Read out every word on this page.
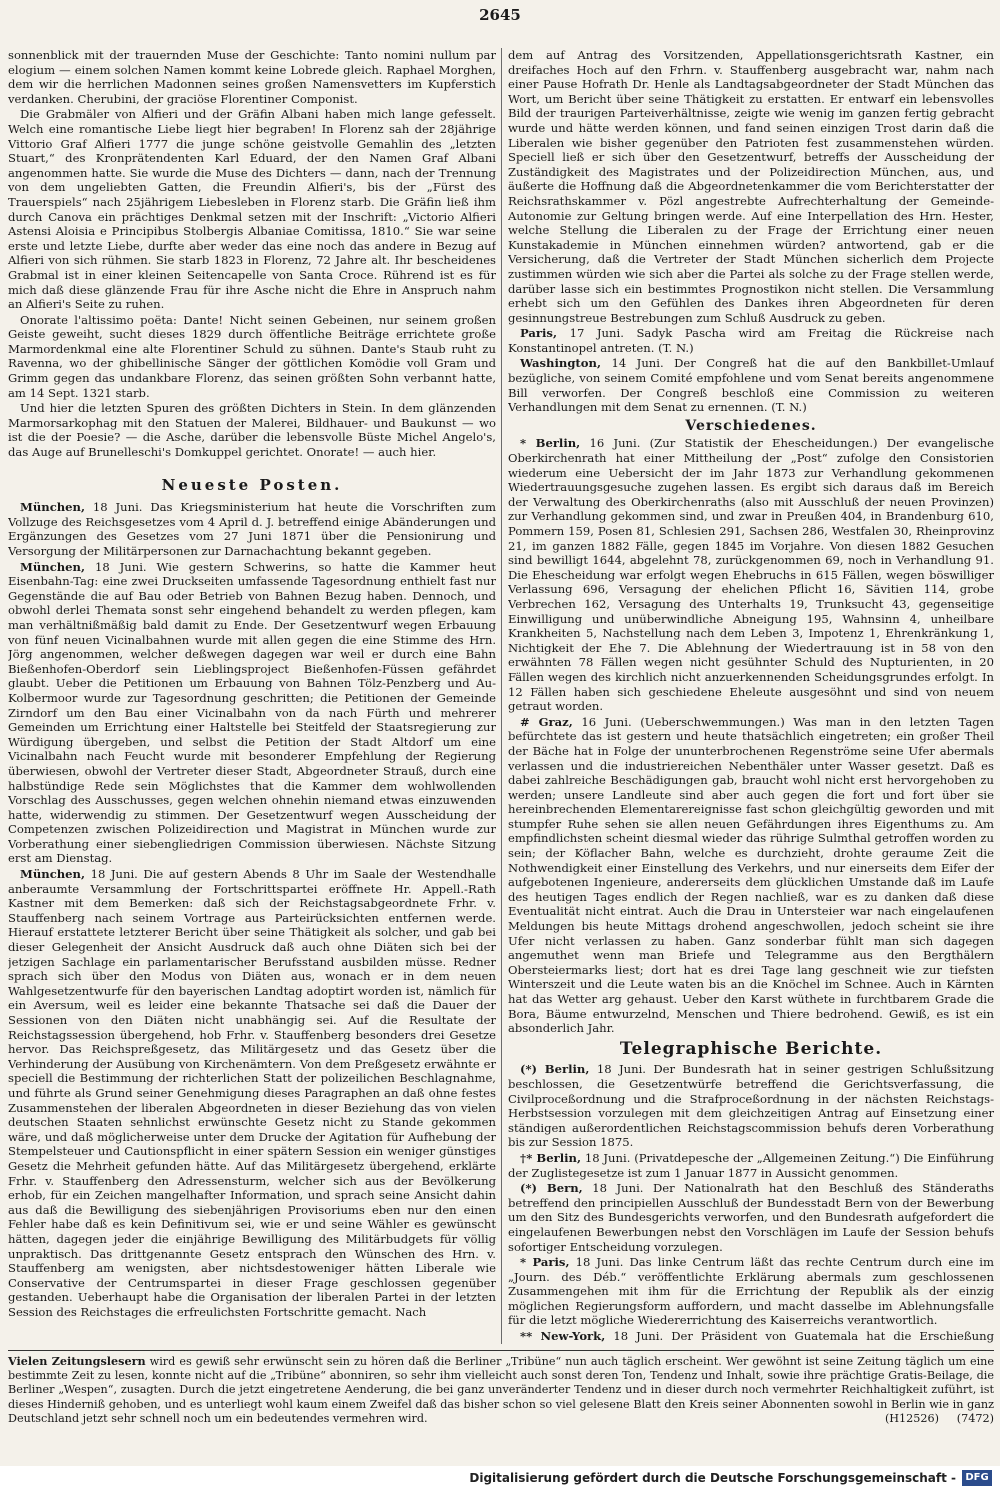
2645

sonnenblick mit der trauernden Muse der Geschichte: Tanto nomini nullum par elogium — einem solchen Namen kommt keine Lobrede gleich. Raphael Morghen, dem wir die herrlichen Madonnen seines großen Namensvetters im Kupferstich verdanken. Cherubini, der graciöse Florentiner Componist.

Die Grabmäler von Alfieri und der Gräfin Albani haben mich lange gefesselt. Welch eine romantische Liebe liegt hier begraben! In Florenz sah der 28jährige Vittorio Graf Alfieri 1777 die junge schöne geistvolle Gemahlin des „letzten Stuart,“ des Kronprätendenten Karl Eduard, der den Namen Graf Albani angenommen hatte. Sie wurde die Muse des Dichters — dann, nach der Trennung von dem ungeliebten Gatten, die Freundin Alfieri's, bis der „Fürst des Trauerspiels“ nach 25jährigem Liebesleben in Florenz starb. Die Gräfin ließ ihm durch Canova ein prächtiges Denkmal setzen mit der Inschrift: „Victorio Alfieri Astensi Aloisia e Principibus Stolbergis Albaniae Comitissa, 1810.“ Sie war seine erste und letzte Liebe, durfte aber weder das eine noch das andere in Bezug auf Alfieri von sich rühmen. Sie starb 1823 in Florenz, 72 Jahre alt. Ihr bescheidenes Grabmal ist in einer kleinen Seitencapelle von Santa Croce. Rührend ist es für mich daß diese glänzende Frau für ihre Asche nicht die Ehre in Anspruch nahm an Alfieri's Seite zu ruhen.

Onorate l'altissimo poëta: Dante! Nicht seinen Gebeinen, nur seinem großen Geiste geweiht, sucht dieses 1829 durch öffentliche Beiträge errichtete große Marmordenkmal eine alte Florentiner Schuld zu sühnen. Dante's Staub ruht zu Ravenna, wo der ghibellinische Sänger der göttlichen Komödie voll Gram und Grimm gegen das undankbare Florenz, das seinen größten Sohn verbannt hatte, am 14 Sept. 1321 starb.

Und hier die letzten Spuren des größten Dichters in Stein. In dem glänzenden Marmorsarkophag mit den Statuen der Malerei, Bildhauer- und Baukunst — wo ist die der Poesie? — die Asche, darüber die lebensvolle Büste Michel Angelo's, das Auge auf Brunelleschi's Domkuppel gerichtet. Onorate! — auch hier.

Neueste Posten.

München, 18 Juni. Das Kriegsministerium hat heute die Vorschriften zum Vollzuge des Reichsgesetzes vom 4 April d. J. betreffend einige Abänderungen und Ergänzungen des Gesetzes vom 27 Juni 1871 über die Pensionirung und Versorgung der Militärpersonen zur Darnachachtung bekannt gegeben.

München, 18 Juni. Wie gestern Schwerins, so hatte die Kammer heut Eisenbahn-Tag: eine zwei Druckseiten umfassende Tagesordnung enthielt fast nur Gegenstände die auf Bau oder Betrieb von Bahnen Bezug haben. Dennoch, und obwohl derlei Themata sonst sehr eingehend behandelt zu werden pflegen, kam man verhältnißmäßig bald damit zu Ende. Der Gesetzentwurf wegen Erbauung von fünf neuen Vicinalbahnen wurde mit allen gegen die eine Stimme des Hrn. Jörg angenommen, welcher deßwegen dagegen war weil er durch eine Bahn Bießenhofen-Oberdorf sein Lieblingsproject Bießenhofen-Füssen gefährdet glaubt. Ueber die Petitionen um Erbauung von Bahnen Tölz-Penzberg und Au-Kolbermoor wurde zur Tagesordnung geschritten; die Petitionen der Gemeinde Zirndorf um den Bau einer Vicinalbahn von da nach Fürth und mehrerer Gemeinden um Errichtung einer Haltstelle bei Steitfeld der Staatsregierung zur Würdigung übergeben, und selbst die Petition der Stadt Altdorf um eine Vicinalbahn nach Feucht wurde mit besonderer Empfehlung der Regierung überwiesen, obwohl der Vertreter dieser Stadt, Abgeordneter Strauß, durch eine halbstündige Rede sein Möglichstes that die Kammer dem wohlwollenden Vorschlag des Ausschusses, gegen welchen ohnehin niemand etwas einzuwenden hatte, widerwendig zu stimmen. Der Gesetzentwurf wegen Ausscheidung der Competenzen zwischen Polizeidirection und Magistrat in München wurde zur Vorberathung einer siebengliedrigen Commission überwiesen. Nächste Sitzung erst am Dienstag.

München, 18 Juni. Die auf gestern Abends 8 Uhr im Saale der Westendhalle anberaumte Versammlung der Fortschrittspartei eröffnete Hr. Appell.-Rath Kastner mit dem Bemerken: daß sich der Reichstagsabgeordnete Frhr. v. Stauffenberg nach seinem Vortrage aus Parteirücksichten entfernen werde. Hierauf erstattete letzterer Bericht über seine Thätigkeit als solcher, und gab bei dieser Gelegenheit der Ansicht Ausdruck daß auch ohne Diäten sich bei der jetzigen Sachlage ein parlamentarischer Berufsstand ausbilden müsse. Redner sprach sich über den Modus von Diäten aus, wonach er in dem neuen Wahlgesetzentwurfe für den bayerischen Landtag adoptirt worden ist, nämlich für ein Aversum, weil es leider eine bekannte Thatsache sei daß die Dauer der Sessionen von den Diäten nicht unabhängig sei. Auf die Resultate der Reichstagssession übergehend, hob Frhr. v. Stauffenberg besonders drei Gesetze hervor. Das Reichspreßgesetz, das Militärgesetz und das Gesetz über die Verhinderung der Ausübung von Kirchenämtern. Von dem Preßgesetz erwähnte er speciell die Bestimmung der richterlichen Statt der polizeilichen Beschlagnahme, und führte als Grund seiner Genehmigung dieses Paragraphen an daß ohne festes Zusammenstehen der liberalen Abgeordneten in dieser Beziehung das von vielen deutschen Staaten sehnlichst erwünschte Gesetz nicht zu Stande gekommen wäre, und daß möglicherweise unter dem Drucke der Agitation für Aufhebung der Stempelsteuer und Cautionspflicht in einer spätern Session ein weniger günstiges Gesetz die Mehrheit gefunden hätte. Auf das Militärgesetz übergehend, erklärte Frhr. v. Stauffenberg den Adressensturm, welcher sich aus der Bevölkerung erhob, für ein Zeichen mangelhafter Information, und sprach seine Ansicht dahin aus daß die Bewilligung des siebenjährigen Provisoriums eben nur den einen Fehler habe daß es kein Definitivum sei, wie er und seine Wähler es gewünscht hätten, dagegen jeder die einjährige Bewilligung des Militärbudgets für völlig unpraktisch. Das drittgenannte Gesetz entsprach den Wünschen des Hrn. v. Stauffenberg am wenigsten, aber nichtsdestoweniger hätten Liberale wie Conservative der Centrumspartei in dieser Frage geschlossen gegenüber gestanden. Ueberhaupt habe die Organisation der liberalen Partei in der letzten Session des Reichstages die erfreulichsten Fortschritte gemacht. Nach

dem auf Antrag des Vorsitzenden, Appellationsgerichtsrath Kastner, ein dreifaches Hoch auf den Frhrn. v. Stauffenberg ausgebracht war, nahm nach einer Pause Hofrath Dr. Henle als Landtagsabgeordneter der Stadt München das Wort, um Bericht über seine Thätigkeit zu erstatten. Er entwarf ein lebensvolles Bild der traurigen Parteiverhältnisse, zeigte wie wenig im ganzen fertig gebracht wurde und hätte werden können, und fand seinen einzigen Trost darin daß die Liberalen wie bisher gegenüber den Patrioten fest zusammenstehen würden. Speciell ließ er sich über den Gesetzentwurf, betreffs der Ausscheidung der Zuständigkeit des Magistrates und der Polizeidirection München, aus, und äußerte die Hoffnung daß die Abgeordnetenkammer die vom Berichterstatter der Reichsrathskammer v. Pözl angestrebte Aufrechterhaltung der Gemeinde-Autonomie zur Geltung bringen werde. Auf eine Interpellation des Hrn. Hester, welche Stellung die Liberalen zu der Frage der Errichtung einer neuen Kunstakademie in München einnehmen würden? antwortend, gab er die Versicherung, daß die Vertreter der Stadt München sicherlich dem Projecte zustimmen würden wie sich aber die Partei als solche zu der Frage stellen werde, darüber lasse sich ein bestimmtes Prognostikon nicht stellen. Die Versammlung erhebt sich um den Gefühlen des Dankes ihren Abgeordneten für deren gesinnungstreue Bestrebungen zum Schluß Ausdruck zu geben.

Paris, 17 Juni. Sadyk Pascha wird am Freitag die Rückreise nach Konstantinopel antreten. (T. N.)

Washington, 14 Juni. Der Congreß hat die auf den Bankbillet-Umlauf bezügliche, von seinem Comité empfohlene und vom Senat bereits angenommene Bill verworfen. Der Congreß beschloß eine Commission zu weiteren Verhandlungen mit dem Senat zu ernennen. (T. N.)

Verschiedenes.

* Berlin, 16 Juni. (Zur Statistik der Ehescheidungen.) Der evangelische Oberkirchenrath hat einer Mittheilung der „Post“ zufolge den Consistorien wiederum eine Uebersicht der im Jahr 1873 zur Verhandlung gekommenen Wiedertrauungsgesuche zugehen lassen. Es ergibt sich daraus daß im Bereich der Verwaltung des Oberkirchenraths (also mit Ausschluß der neuen Provinzen) zur Verhandlung gekommen sind, und zwar in Preußen 404, in Brandenburg 610, Pommern 159, Posen 81, Schlesien 291, Sachsen 286, Westfalen 30, Rheinprovinz 21, im ganzen 1882 Fälle, gegen 1845 im Vorjahre. Von diesen 1882 Gesuchen sind bewilligt 1644, abgelehnt 78, zurückgenommen 69, noch in Verhandlung 91. Die Ehescheidung war erfolgt wegen Ehebruchs in 615 Fällen, wegen böswilliger Verlassung 696, Versagung der ehelichen Pflicht 16, Sävitien 114, grobe Verbrechen 162, Versagung des Unterhalts 19, Trunksucht 43, gegenseitige Einwilligung und unüberwindliche Abneigung 195, Wahnsinn 4, unheilbare Krankheiten 5, Nachstellung nach dem Leben 3, Impotenz 1, Ehrenkränkung 1, Nichtigkeit der Ehe 7. Die Ablehnung der Wiedertrauung ist in 58 von den erwähnten 78 Fällen wegen nicht gesühnter Schuld des Nupturienten, in 20 Fällen wegen des kirchlich nicht anzuerkennenden Scheidungsgrundes erfolgt. In 12 Fällen haben sich geschiedene Eheleute ausgesöhnt und sind von neuem getraut worden.

# Graz, 16 Juni. (Ueberschwemmungen.) Was man in den letzten Tagen befürchtete das ist gestern und heute thatsächlich eingetreten; ein großer Theil der Bäche hat in Folge der ununterbrochenen Regenströme seine Ufer abermals verlassen und die industriereichen Nebenthäler unter Wasser gesetzt. Daß es dabei zahlreiche Beschädigungen gab, braucht wohl nicht erst hervorgehoben zu werden; unsere Landleute sind aber auch gegen die fort und fort über sie hereinbrechenden Elementarereignisse fast schon gleichgültig geworden und mit stumpfer Ruhe sehen sie allen neuen Gefährdungen ihres Eigenthums zu. Am empfindlichsten scheint diesmal wieder das rührige Sulmthal getroffen worden zu sein; der Köflacher Bahn, welche es durchzieht, drohte geraume Zeit die Nothwendigkeit einer Einstellung des Verkehrs, und nur einerseits dem Eifer der aufgebotenen Ingenieure, andererseits dem glücklichen Umstande daß im Laufe des heutigen Tages endlich der Regen nachließ, war es zu danken daß diese Eventualität nicht eintrat. Auch die Drau in Untersteier war nach eingelaufenen Meldungen bis heute Mittags drohend angeschwollen, jedoch scheint sie ihre Ufer nicht verlassen zu haben. Ganz sonderbar fühlt man sich dagegen angemuthet wenn man Briefe und Telegramme aus den Bergthälern Obersteiermarks liest; dort hat es drei Tage lang geschneit wie zur tiefsten Winterszeit und die Leute waten bis an die Knöchel im Schnee. Auch in Kärnten hat das Wetter arg gehaust. Ueber den Karst wüthete in furchtbarem Grade die Bora, Bäume entwurzelnd, Menschen und Thiere bedrohend. Gewiß, es ist ein absonderlich Jahr.

Telegraphische Berichte.

(*) Berlin, 18 Juni. Der Bundesrath hat in seiner gestrigen Schlußsitzung beschlossen, die Gesetzentwürfe betreffend die Gerichtsverfassung, die Civilproceßordnung und die Strafproceßordnung in der nächsten Reichstags-Herbstsession vorzulegen mit dem gleichzeitigen Antrag auf Einsetzung einer ständigen außerordentlichen Reichstagscommission behufs deren Vorberathung bis zur Session 1875.

†* Berlin, 18 Juni. (Privatdepesche der „Allgemeinen Zeitung.“) Die Einführung der Zuglistegesetze ist zum 1 Januar 1877 in Aussicht genommen.

(*) Bern, 18 Juni. Der Nationalrath hat den Beschluß des Ständeraths betreffend den principiellen Ausschluß der Bundesstadt Bern von der Bewerbung um den Sitz des Bundesgerichts verworfen, und den Bundesrath aufgefordert die eingelaufenen Bewerbungen nebst den Vorschlägen im Laufe der Session behufs sofortiger Entscheidung vorzulegen.

* Paris, 18 Juni. Das linke Centrum läßt das rechte Centrum durch eine im „Journ. des Déb.“ veröffentlichte Erklärung abermals zum geschlossenen Zusammengehen mit ihm für die Errichtung der Republik als der einzig möglichen Regierungsform auffordern, und macht dasselbe im Ablehnungsfalle für die letzt mögliche Wiedererrichtung des Kaiserreichs verantwortlich.

** New-York, 18 Juni. Der Präsident von Guatemala hat die Erschießung

Vielen Zeitungslesern wird es gewiß sehr erwünscht sein zu hören daß die Berliner „Tribüne“ nun auch täglich erscheint. Wer gewöhnt ist seine Zeitung täglich um eine bestimmte Zeit zu lesen, konnte nicht auf die „Tribüne“ abonniren, so sehr ihm vielleicht auch sonst deren Ton, Tendenz und Inhalt, sowie ihre prächtige Gratis-Beilage, die Berliner „Wespen“, zusagten. Durch die jetzt eingetretene Aenderung, die bei ganz unveränderter Tendenz und in dieser durch noch vermehrter Reichhaltigkeit zuführt, ist dieses Hinderniß gehoben, und es unterliegt wohl kaum einem Zweifel daß das bisher schon so viel gelesene Blatt den Kreis seiner Abonnenten sowohl in Berlin wie in ganz Deutschland jetzt sehr schnell noch um ein bedeutendes vermehren wird.	(H12526) (7472)
Digitalisierung gefördert durch die Deutsche Forschungsgemeinschaft - DFG
